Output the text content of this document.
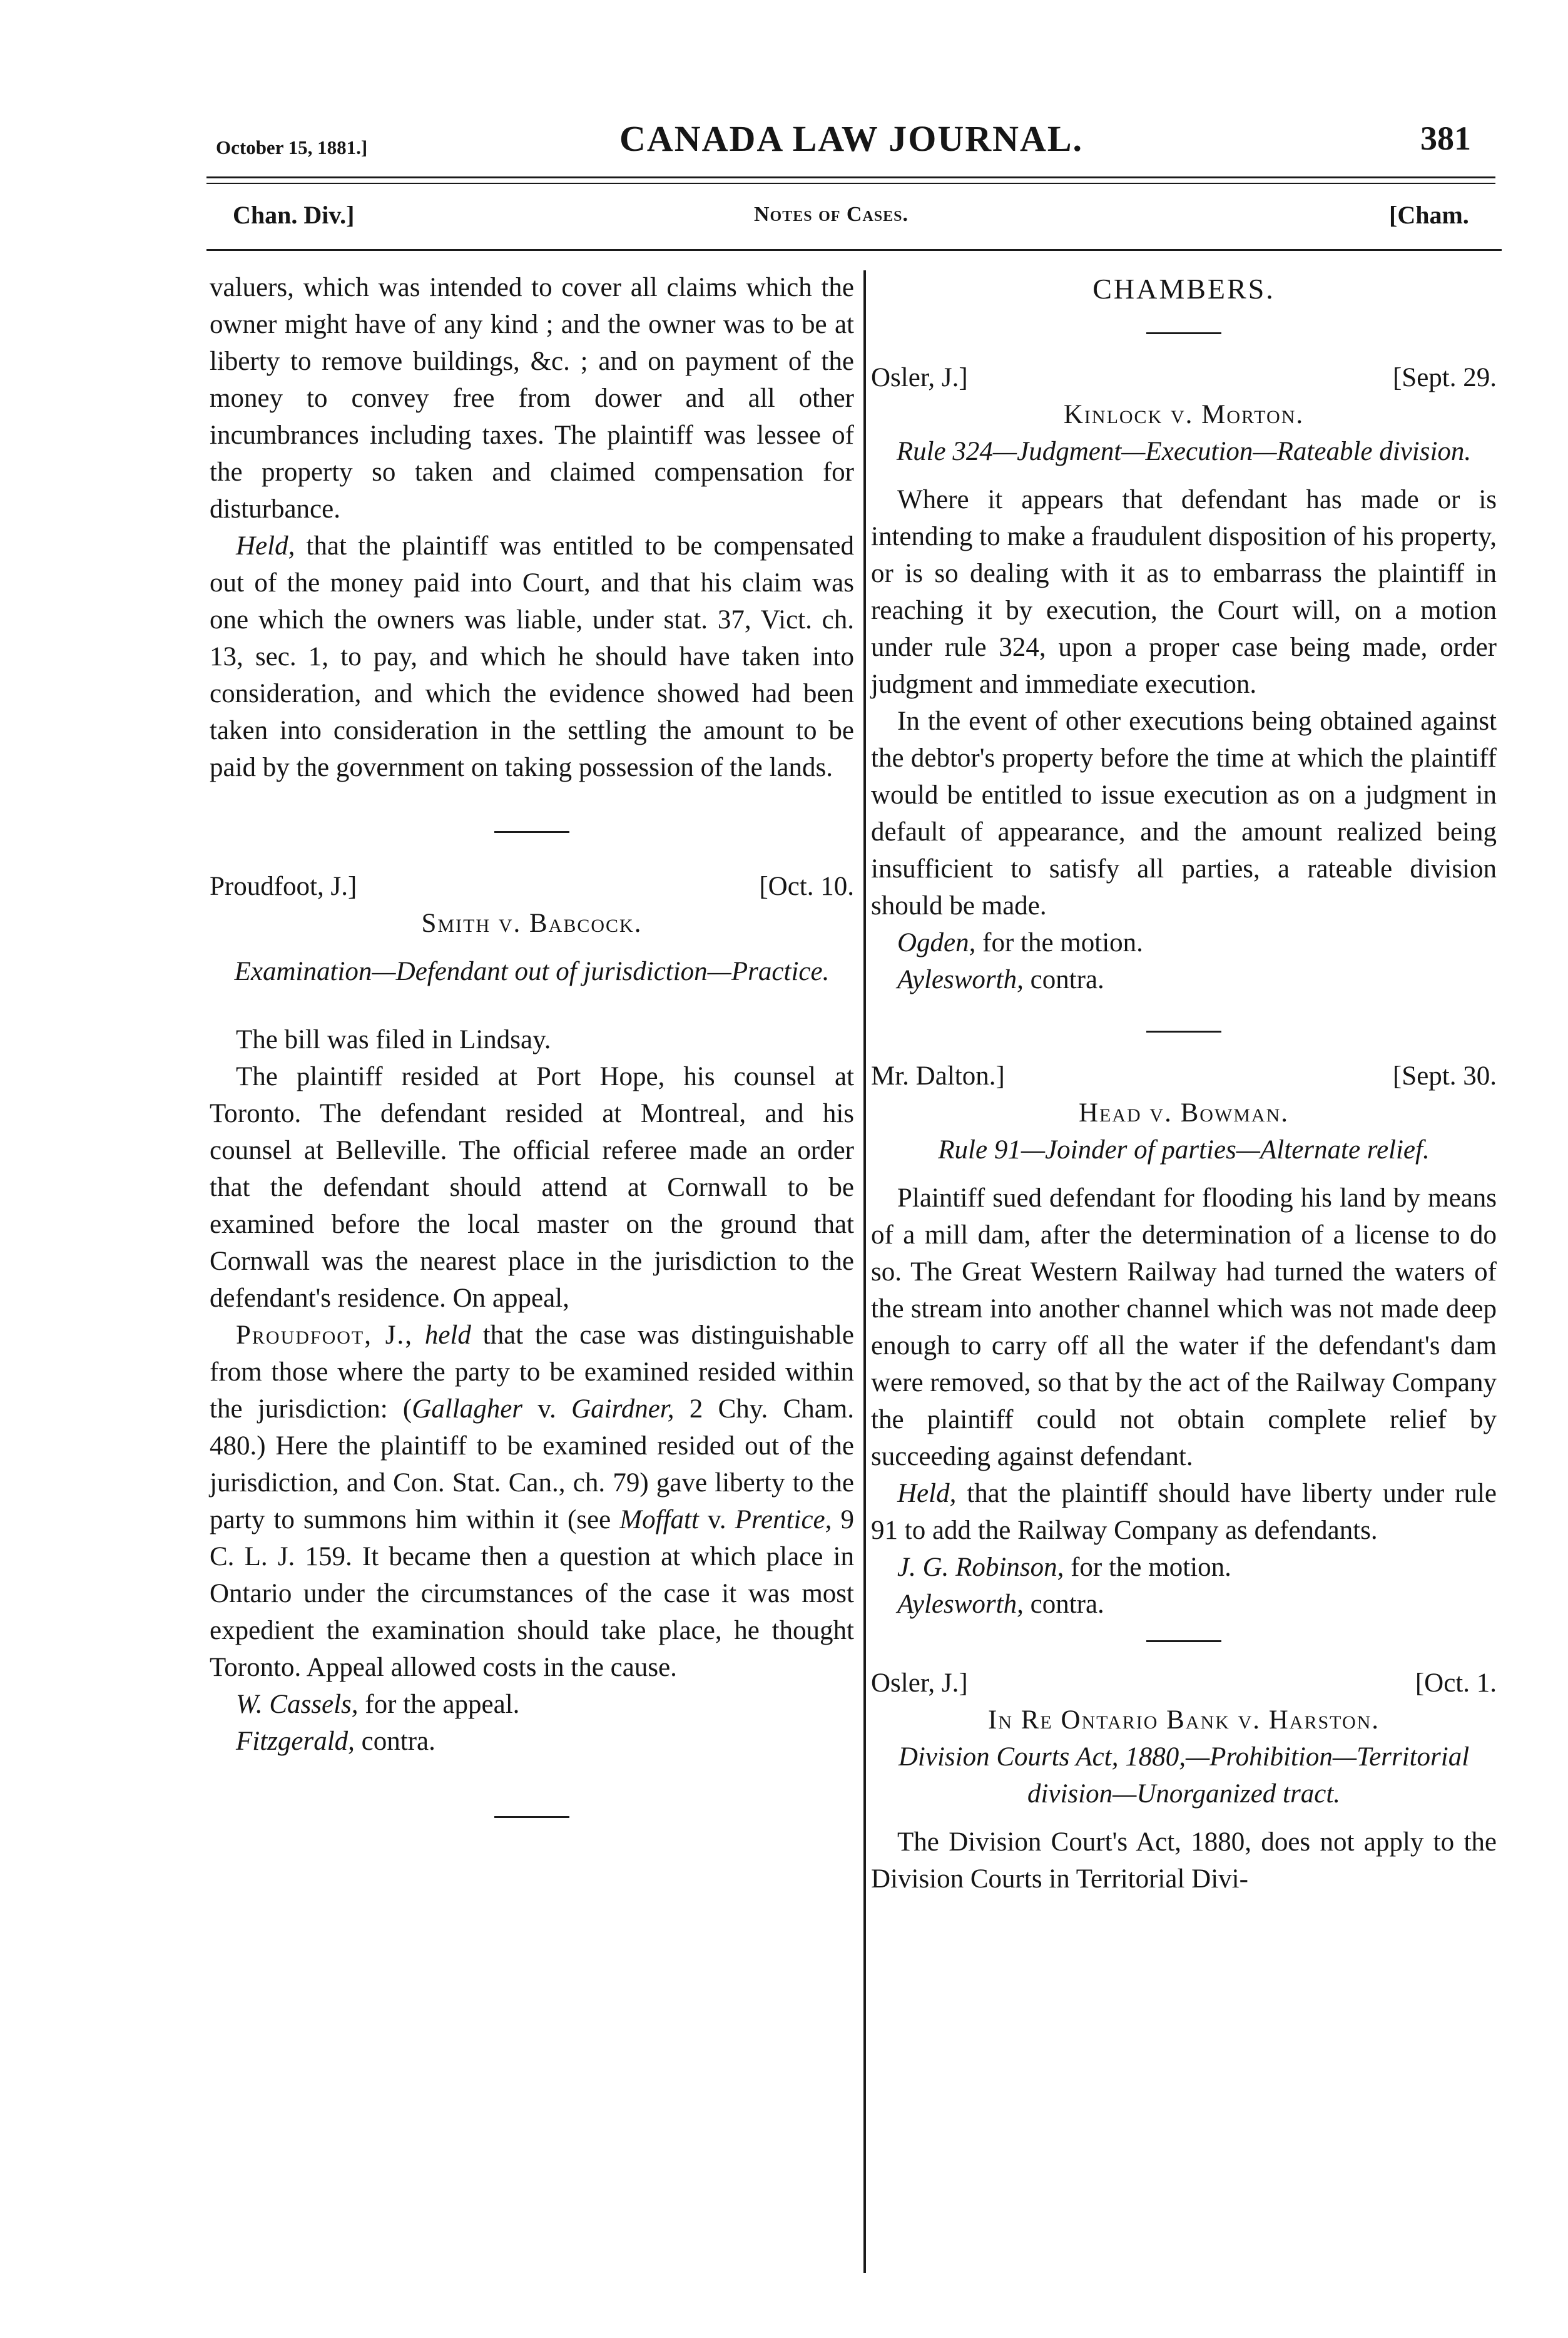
October 15, 1881.]	CANADA LAW JOURNAL.	381
Chan. Div.]	Notes of Cases.	[Cham.

valuers, which was intended to cover all claims which the owner might have of any kind ; and the owner was to be at liberty to remove buildings, &c. ; and on payment of the money to convey free from dower and all other incumbrances including taxes. The plaintiff was lessee of the property so taken and claimed compensation for disturbance.

Held, that the plaintiff was entitled to be compensated out of the money paid into Court, and that his claim was one which the owners was liable, under stat. 37, Vict. ch. 13, sec. 1, to pay, and which he should have taken into consideration, and which the evidence showed had been taken into consideration in the settling the amount to be paid by the government on taking possession of the lands.

Proudfoot, J.]	[Oct. 10.
Smith v. Babcock.
Examination—Defendant out of jurisdiction—Practice.

The bill was filed in Lindsay.

The plaintiff resided at Port Hope, his counsel at Toronto. The defendant resided at Montreal, and his counsel at Belleville. The official referee made an order that the defendant should attend at Cornwall to be examined before the local master on the ground that Cornwall was the nearest place in the jurisdiction to the defendant's residence. On appeal,

Proudfoot, J., held that the case was distinguishable from those where the party to be examined resided within the jurisdiction: (Gallagher v. Gairdner, 2 Chy. Cham. 480.) Here the plaintiff to be examined resided out of the jurisdiction, and Con. Stat. Can., ch. 79) gave liberty to the party to summons him within it (see Moffatt v. Prentice, 9 C. L. J. 159. It became then a question at which place in Ontario under the circumstances of the case it was most expedient the examination should take place, he thought Toronto. Appeal allowed costs in the cause.

W. Cassels, for the appeal.

Fitzgerald, contra.

CHAMBERS.
Osler, J.]	[Sept. 29.
Kinlock v. Morton.
Rule 324—Judgment—Execution—Rateable division.

Where it appears that defendant has made or is intending to make a fraudulent disposition of his property, or is so dealing with it as to embarrass the plaintiff in reaching it by execution, the Court will, on a motion under rule 324, upon a proper case being made, order judgment and immediate execution.

In the event of other executions being obtained against the debtor's property before the time at which the plaintiff would be entitled to issue execution as on a judgment in default of appearance, and the amount realized being insufficient to satisfy all parties, a rateable division should be made.

Ogden, for the motion.

Aylesworth, contra.

Mr. Dalton.]	[Sept. 30.
Head v. Bowman.
Rule 91—Joinder of parties—Alternate relief.

Plaintiff sued defendant for flooding his land by means of a mill dam, after the determination of a license to do so. The Great Western Railway had turned the waters of the stream into another channel which was not made deep enough to carry off all the water if the defendant's dam were removed, so that by the act of the Railway Company the plaintiff could not obtain complete relief by succeeding against defendant.

Held, that the plaintiff should have liberty under rule 91 to add the Railway Company as defendants.

J. G. Robinson, for the motion.

Aylesworth, contra.

Osler, J.]	[Oct. 1.
In Re Ontario Bank v. Harston.
Division Courts Act, 1880,—Prohibition—Territorial division—Unorganized tract.

The Division Court's Act, 1880, does not apply to the Division Courts in Territorial Divi-
